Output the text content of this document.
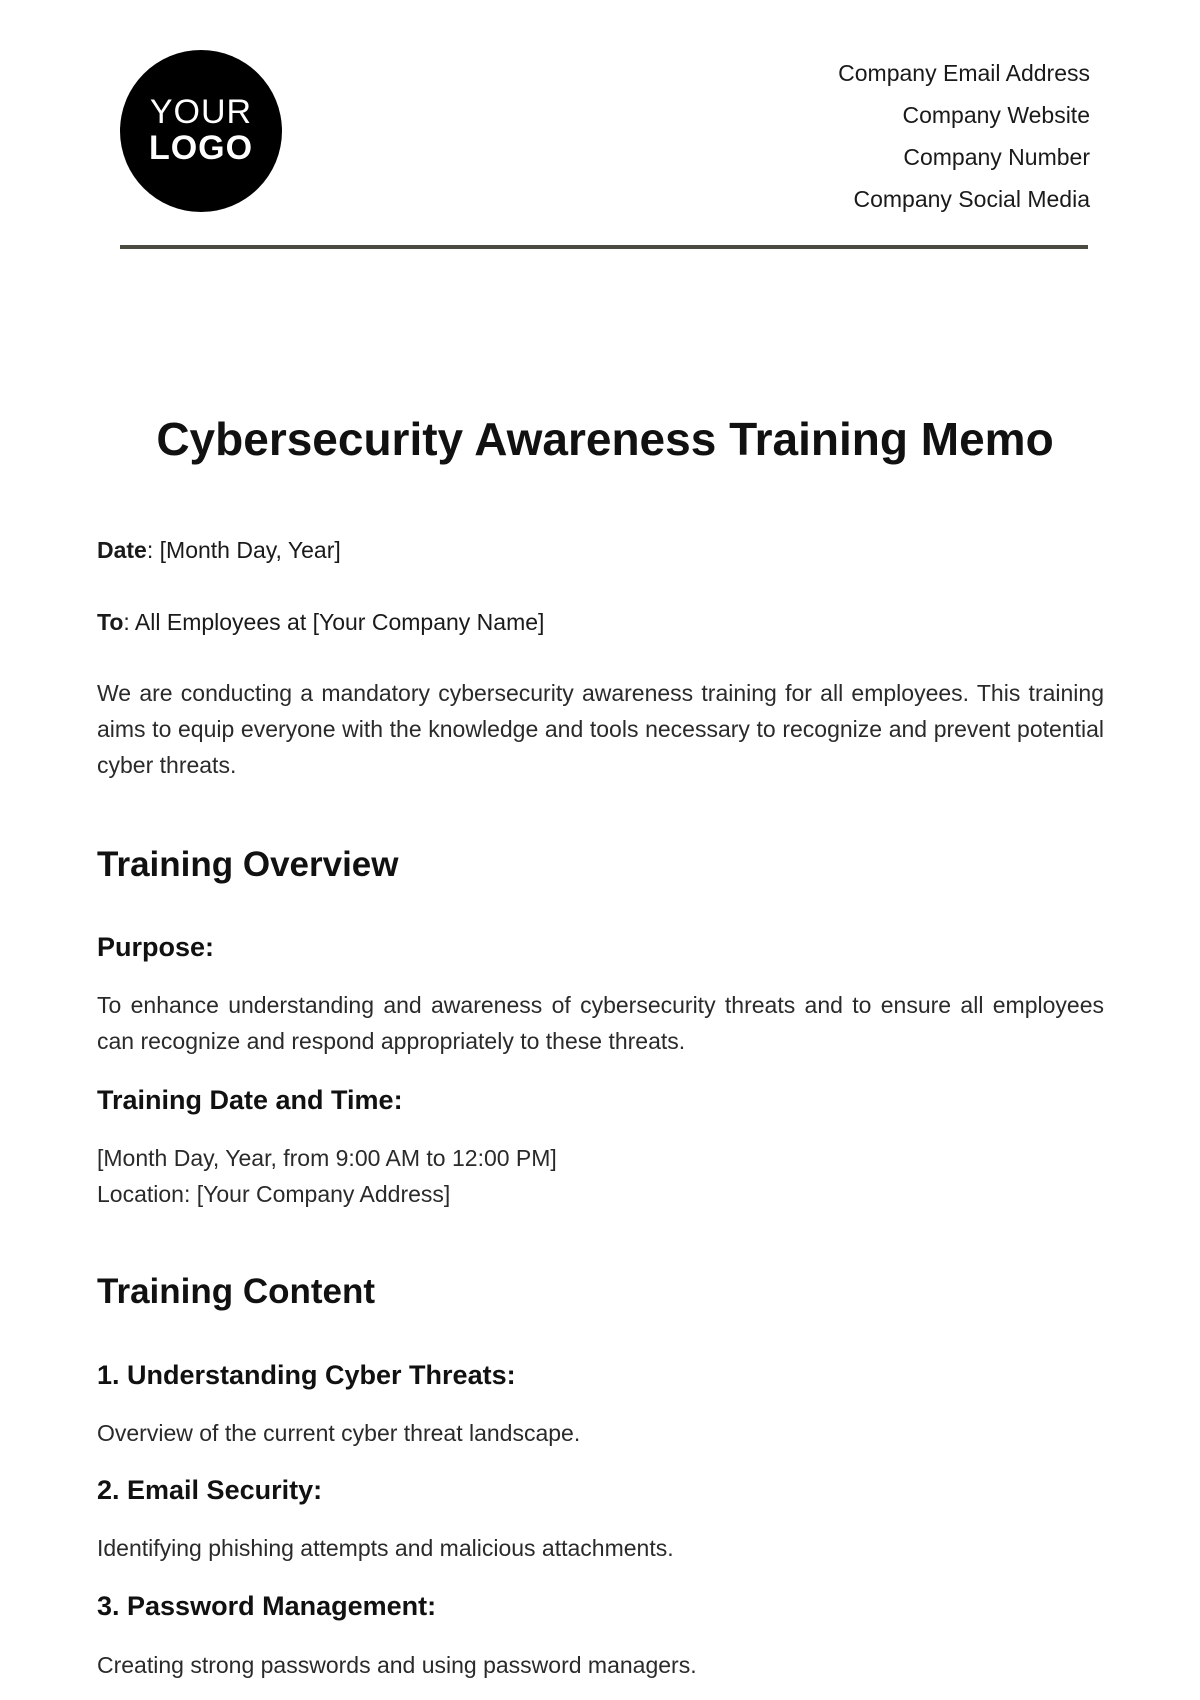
YOUR
LOGO
Company Email Address
Company Website
Company Number
Company Social Media
Cybersecurity Awareness Training Memo

Date: [Month Day, Year]

To: All Employees at [Your Company Name]

We are conducting a mandatory cybersecurity awareness training for all employees. This training aims to equip everyone with the knowledge and tools necessary to recognize and prevent potential cyber threats.

Training Overview
Purpose:

To enhance understanding and awareness of cybersecurity threats and to ensure all employees can recognize and respond appropriately to these threats.

Training Date and Time:

[Month Day, Year, from 9:00 AM to 12:00 PM]

Location: [Your Company Address]

Training Content
1. Understanding Cyber Threats:

Overview of the current cyber threat landscape.

2. Email Security:

Identifying phishing attempts and malicious attachments.

3. Password Management:

Creating strong passwords and using password managers.
